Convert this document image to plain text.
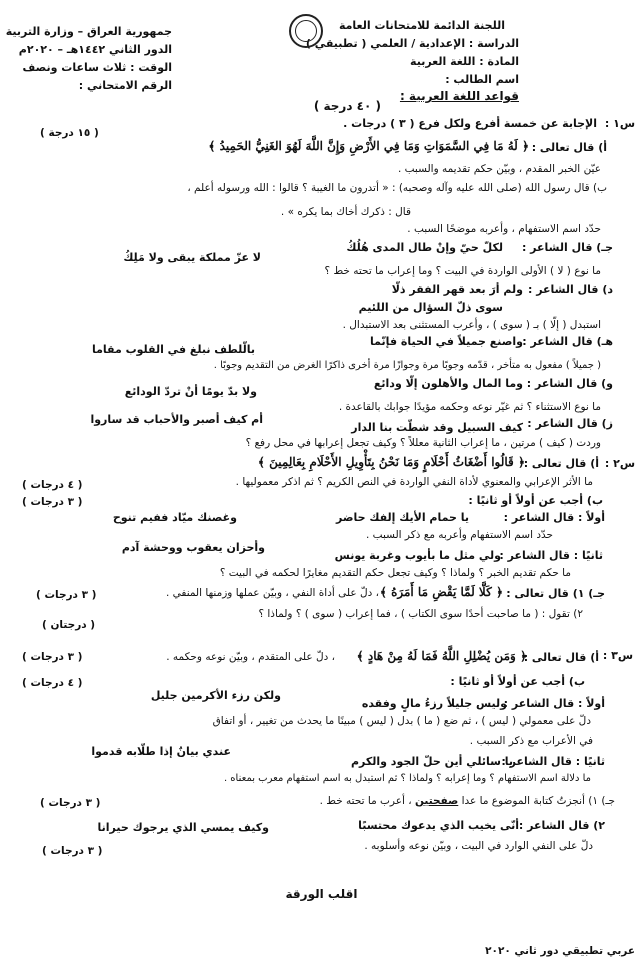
اللجنة الدائمة للامتحانات العامة
الدراسة : الإعدادية / العلمي ( تطبيقي )
المادة : اللغة العربية
اسم الطالب :
جمهورية العراق – وزارة التربية
الدور الثاني ١٤٤٢هـ – ٢٠٢٠م
الوقت : ثلاث ساعات ونصف
الرقم الامتحاني :
قواعد اللغة العربية :
( ٤٠ درجة )
س١ :
الإجابة عن خمسة أفرع ولكل فرع ( ٣ ) درجات .
( ١٥ درجة )
أ) قال تعالى :
﴿ لَهُ مَا فِي السَّمَوَاتِ وَمَا فِي الأَرْضِ وَإِنَّ اللَّهَ لَهُوَ الغَنِيُّ الحَمِيدُ ﴾
عيّن الخبر المقدم ، وبيّن حكم تقديمه والسبب .
ب) قال رسول الله (صلى الله عليه وآله وصحبه) : « أتدرون ما الغيبة ؟ قالوا : الله ورسوله أعلم ،
قال : ذكرك أخاك بما يكره » .
حدّد اسم الاستفهام ، وأعربه موضحًا السبب .
جـ) قال الشاعر :
لكلّ حيّ وإنْ طال المدى هُلُكُ
لا عزّ مملكة يبقى ولا مَلِكُ
ما نوع ( لا ) الأولى الواردة في البيت ؟ وما إعراب ما تحته خط ؟
د) قال الشاعر :
ولم أرَ بعد قهر الفقر ذلّا
سوى ذلّ السؤال من اللئيم
استبدل ( إلّا ) بـ ( سوى ) ، وأعرب المستثنى بعد الاستبدال .
هـ) قال الشاعر :
واصنع جميلاً في الحياة فإنّما
بالّلطف نبلغ في القلوب مقاما
( جميلاً ) مفعول به متأخر ، قدّمه وجوبًا مرة وجوازًا مرة أخرى ذاكرًا الغرض من التقديم وجوبًا .
و) قال الشاعر :
وما المال والأهلون إلّا ودائع
ولا بدّ يومًا أنْ تردّ الودائع
ما نوع الاستثناء ؟ ثم غيّر نوعه وحكمه مؤيدًا جوابك بالقاعدة .
ز) قال الشاعر :
كيف السبيل وقد شطّت بنا الدار
أم كيف أصبر والأحباب قد ساروا
وردت ( كيف ) مرتين ، ما إعراب الثانية معللاً ؟ وكيف تجعل إعرابها في محل رفع ؟
س٢ :
أ) قال تعالى :
﴿ قَالُوا أَضْغَاثُ أَحْلَامٍ وَمَا نَحْنُ بِتَأْوِيلِ الأَحْلَامِ بِعَالِمِينَ ﴾
ما الأثر الإعرابي والمعنوي لأداة النفي الواردة في النص الكريم ؟ ثم اذكر معموليها .
( ٤ درجات )
ب) أجب عن أولاً أو ثانيًا :
( ٣ درجات )
أولاً : قال الشاعر :
يا حمام الأيك إلفك حاضر
وغصنك ميّاد ففيم تنوح
حدّد اسم الاستفهام وأعربه مع ذكر السبب .
ثانيًا : قال الشاعر :
ولي مثل ما بأيوب وغربة يونس
وأحزان يعقوب ووحشة آدم
ما حكم تقديم الخبر ؟ ولماذا ؟ وكيف تجعل حكم التقديم مغايرًا لحكمه في البيت ؟
جـ) ١) قال تعالى :
﴿ كَلَّا لَمَّا يَقْضِ مَا أَمَرَهُ ﴾
، دلّ على أداة النفي ، وبيّن عملها وزمنها المنفي .
( ٣ درجات )
٢) تقول : ( ما صاحبت أحدًا سوى الكتاب ) ، فما إعراب ( سوى ) ؟ ولماذا ؟
( درجتان )
س٣ :
أ) قال تعالى :
﴿ وَمَن يُضْلِلِ اللَّهُ فَمَا لَهُ مِنْ هَادٍ ﴾
، دلّ على المتقدم ، وبيّن نوعه وحكمه .
( ٣ درجات )
ب) أجب عن أولاً أو ثانيًا :
( ٤ درجات )
أولاً : قال الشاعر :
وليس جليلاً رزءُ مالٍ وفقده
ولكن رزء الأكرمين جليل
دلّ على معمولي ( ليس ) ، ثم ضع ( ما ) بدل ( ليس ) مبينًا ما يحدث من تغيير ، أو اتفاق
في الأعراب مع ذكر السبب .
ثانيًا : قال الشاعر :
يا سائلي أين حلّ الجود والكرم
عندي بيانٌ إذا طلّابه قدموا
ما دلالة اسم الاستفهام ؟ وما إعرابه ؟ ولماذا ؟ ثم استبدل به اسم استفهام معرب بمعناه .
جـ) ١) أنجزتُ كتابة الموضوع ما عدا صفحتين ، أعرب ما تحته خط .
( ٣ درجات )
٢) قال الشاعر :
أنّى يخيب الذي يدعوك محتسبًا
وكيف يمسي الذي يرجوك حيرانا
دلّ على النفي الوارد في البيت ، وبيّن نوعه وأسلوبه .
( ٣ درجات )
اقلب الورقة
عربي تطبيقي دور ثاني ٢٠٢٠
